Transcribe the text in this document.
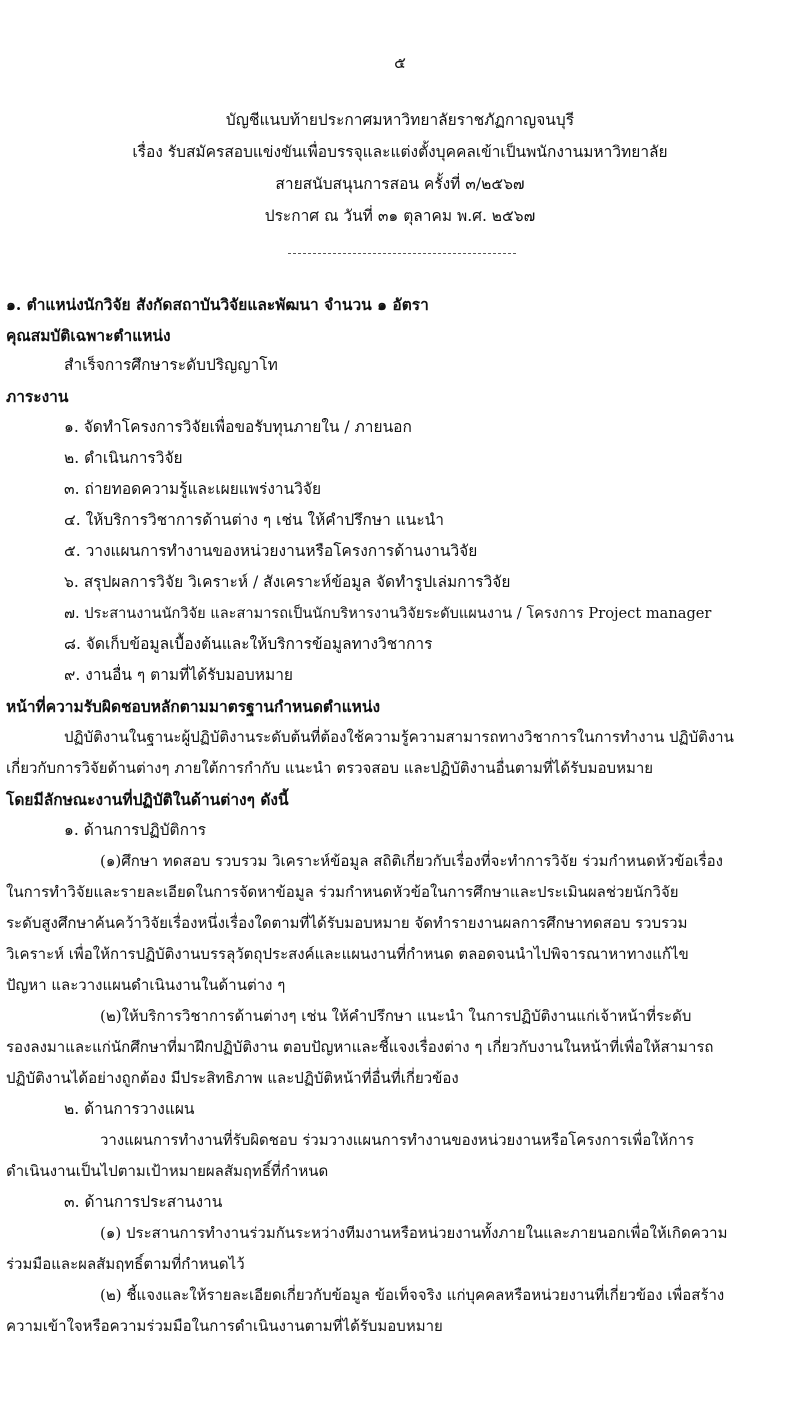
๕
บัญชีแนบท้ายประกาศมหาวิทยาลัยราชภัฏกาญจนบุรี
เรื่อง รับสมัครสอบแข่งขันเพื่อบรรจุและแต่งตั้งบุคคลเข้าเป็นพนักงานมหาวิทยาลัย
สายสนับสนุนการสอน ครั้งที่ ๓/๒๕๖๗
ประกาศ ณ วันที่ ๓๑ ตุลาคม พ.ศ. ๒๕๖๗
๑. ตำแหน่งนักวิจัย สังกัดสถาบันวิจัยและพัฒนา จำนวน ๑ อัตรา
คุณสมบัติเฉพาะตำแหน่ง
สำเร็จการศึกษาระดับปริญญาโท
ภาระงาน
๑. จัดทำโครงการวิจัยเพื่อขอรับทุนภายใน / ภายนอก
๒. ดำเนินการวิจัย
๓. ถ่ายทอดความรู้และเผยแพร่งานวิจัย
๔. ให้บริการวิชาการด้านต่าง ๆ เช่น ให้คำปรึกษา แนะนำ
๕. วางแผนการทำงานของหน่วยงานหรือโครงการด้านงานวิจัย
๖. สรุปผลการวิจัย วิเคราะห์ / สังเคราะห์ข้อมูล จัดทำรูปเล่มการวิจัย
๗. ประสานงานนักวิจัย และสามารถเป็นนักบริหารงานวิจัยระดับแผนงาน / โครงการ Project manager
๘. จัดเก็บข้อมูลเบื้องต้นและให้บริการข้อมูลทางวิชาการ
๙. งานอื่น ๆ ตามที่ได้รับมอบหมาย
หน้าที่ความรับผิดชอบหลักตามมาตรฐานกำหนดตำแหน่ง
ปฏิบัติงานในฐานะผู้ปฏิบัติงานระดับต้นที่ต้องใช้ความรู้ความสามารถทางวิชาการในการทำงาน ปฏิบัติงาน
เกี่ยวกับการวิจัยด้านต่างๆ ภายใต้การกำกับ แนะนำ ตรวจสอบ และปฏิบัติงานอื่นตามที่ได้รับมอบหมาย
โดยมีลักษณะงานที่ปฏิบัติในด้านต่างๆ ดังนี้
๑. ด้านการปฏิบัติการ
(๑)ศึกษา ทดสอบ รวบรวม วิเคราะห์ข้อมูล สถิติเกี่ยวกับเรื่องที่จะทำการวิจัย ร่วมกำหนดหัวข้อเรื่อง
ในการทำวิจัยและรายละเอียดในการจัดหาข้อมูล ร่วมกำหนดหัวข้อในการศึกษาและประเมินผลช่วยนักวิจัย
ระดับสูงศึกษาค้นคว้าวิจัยเรื่องหนึ่งเรื่องใดตามที่ได้รับมอบหมาย จัดทำรายงานผลการศึกษาทดสอบ รวบรวม
วิเคราะห์ เพื่อให้การปฏิบัติงานบรรลุวัตถุประสงค์และแผนงานที่กำหนด ตลอดจนนำไปพิจารณาหาทางแก้ไข
ปัญหา และวางแผนดำเนินงานในด้านต่าง ๆ
(๒)ให้บริการวิชาการด้านต่างๆ เช่น ให้คำปรึกษา แนะนำ ในการปฏิบัติงานแก่เจ้าหน้าที่ระดับ
รองลงมาและแก่นักศึกษาที่มาฝึกปฏิบัติงาน ตอบปัญหาและชี้แจงเรื่องต่าง ๆ เกี่ยวกับงานในหน้าที่เพื่อให้สามารถ
ปฏิบัติงานได้อย่างถูกต้อง มีประสิทธิภาพ และปฏิบัติหน้าที่อื่นที่เกี่ยวข้อง
๒. ด้านการวางแผน
วางแผนการทำงานที่รับผิดชอบ ร่วมวางแผนการทำงานของหน่วยงานหรือโครงการเพื่อให้การ
ดำเนินงานเป็นไปตามเป้าหมายผลสัมฤทธิ์ที่กำหนด
๓. ด้านการประสานงาน
(๑) ประสานการทำงานร่วมกันระหว่างทีมงานหรือหน่วยงานทั้งภายในและภายนอกเพื่อให้เกิดความ
ร่วมมือและผลสัมฤทธิ์ตามที่กำหนดไว้
(๒) ชี้แจงและให้รายละเอียดเกี่ยวกับข้อมูล ข้อเท็จจริง แก่บุคคลหรือหน่วยงานที่เกี่ยวข้อง เพื่อสร้าง
ความเข้าใจหรือความร่วมมือในการดำเนินงานตามที่ได้รับมอบหมาย
